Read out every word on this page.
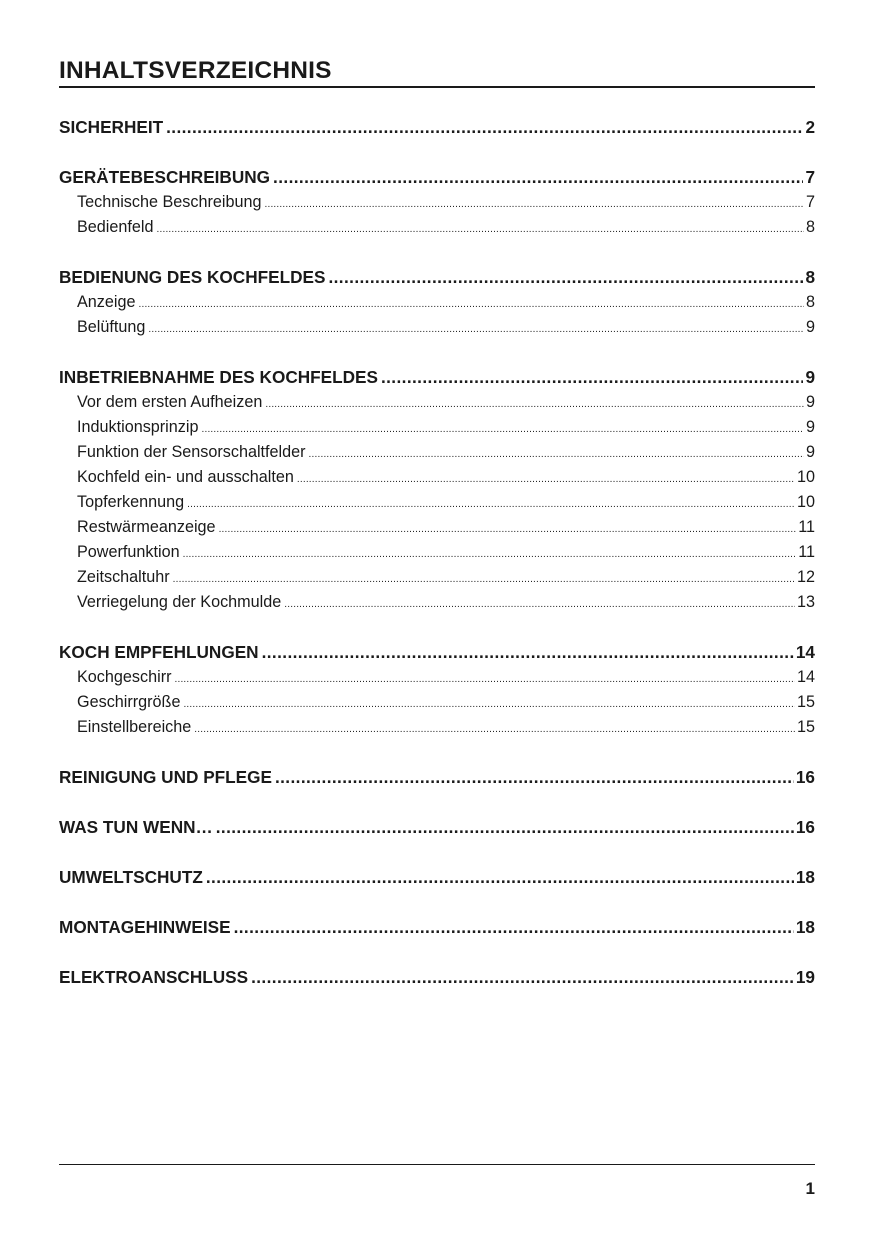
INHALTSVERZEICHNIS
SICHERHEIT .....	2
GERÄTEBESCHREIBUNG .....	7
Technische Beschreibung .....	7
Bedienfeld .....	8
BEDIENUNG DES KOCHFELDES .....	8
Anzeige .....	8
Belüftung .....	9
INBETRIEBNAHME DES KOCHFELDES .....	9
Vor dem ersten Aufheizen .....	9
Induktionsprinzip .....	9
Funktion der Sensorschaltfelder .....	9
Kochfeld ein- und ausschalten .....	10
Topferkennung .....	10
Restwärmeanzeige .....	11
Powerfunktion .....	11
Zeitschaltuhr .....	12
Verriegelung der Kochmulde .....	13
KOCH EMPFEHLUNGEN .....	14
Kochgeschirr .....	14
Geschirrgröße .....	15
Einstellbereiche .....	15
REINIGUNG UND PFLEGE .....	16
WAS TUN WENN… .....	16
UMWELTSCHUTZ .....	18
MONTAGEHINWEISE .....	18
ELEKTROANSCHLUSS .....	19
1
